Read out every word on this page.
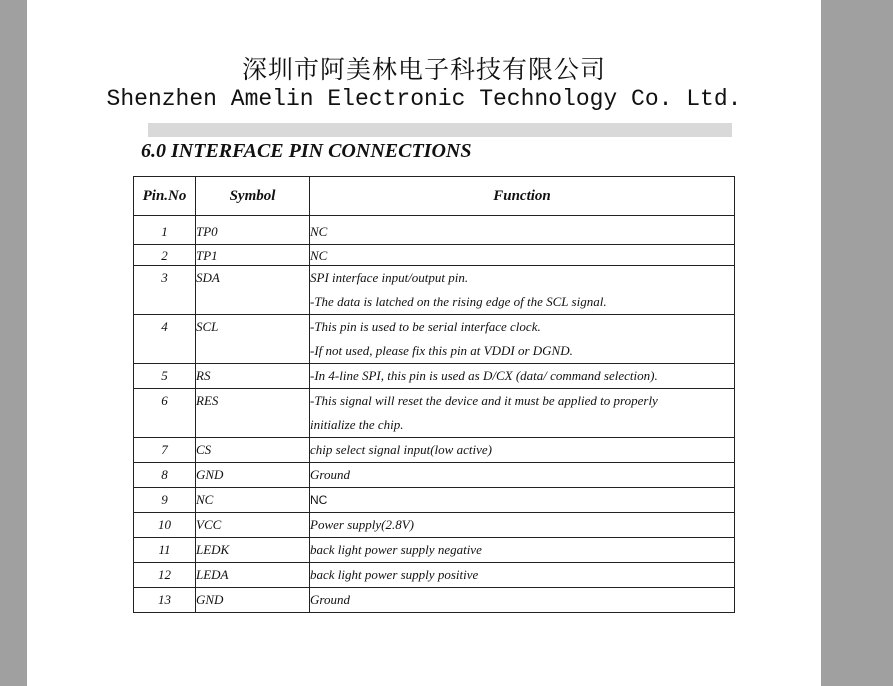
深圳市阿美林电子科技有限公司
Shenzhen Amelin Electronic Technology Co. Ltd.
6.0 INTERFACE PIN CONNECTIONS
Pin.No	Symbol	Function

1	TP0	NC

2	TP1	NC

3	SDA	SPI interface input/output pin.
-The data is latched on the rising edge of the SCL signal.

4	SCL	-This pin is used to be serial interface clock.
-If not used, please fix this pin at VDDI or DGND.

5	RS	-In 4-line SPI, this pin is used as D/CX (data/ command selection).

6	RES	-This signal will reset the device and it must be applied to properly
initialize the chip.

7	CS	chip select signal input(low active)

8	GND	Ground

9	NC	NC

10	VCC	Power supply(2.8V)

11	LEDK	back light power supply negative

12	LEDA	back light power supply positive

13	GND	Ground
